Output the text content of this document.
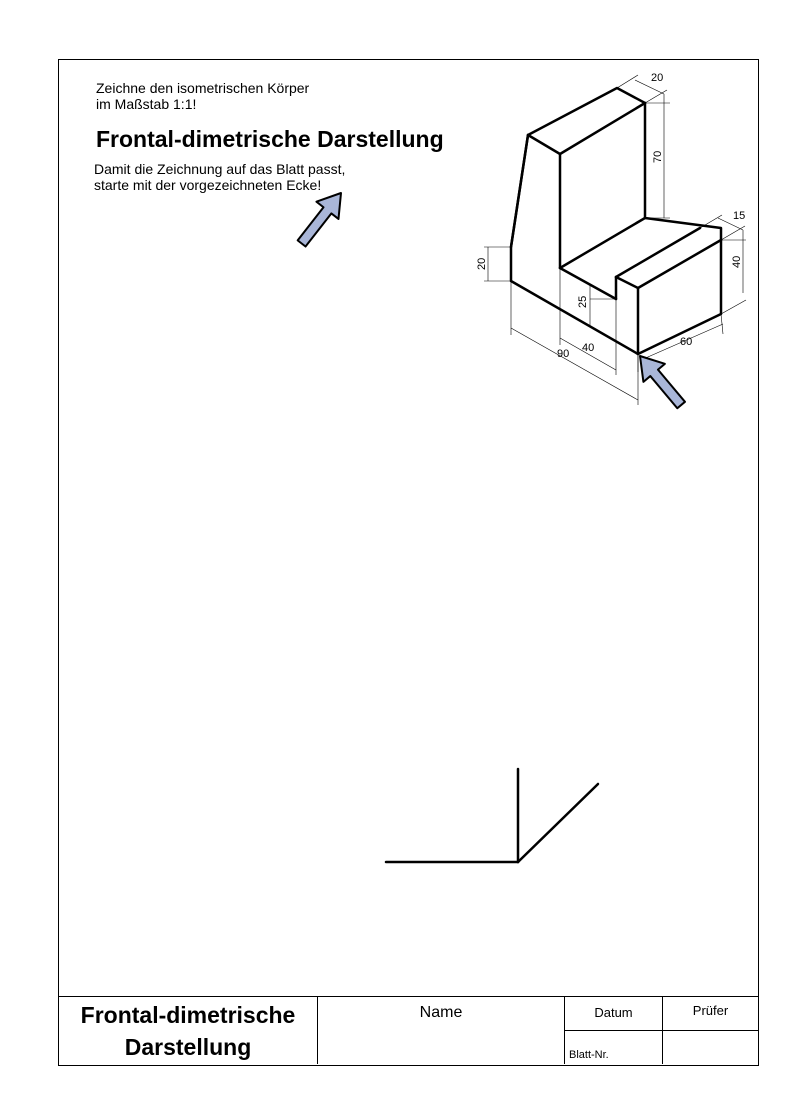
Zeichne den isometrischen Körper
im Maßstab 1:1!

Frontal-dimetrische Darstellung

Damit die Zeichnung auf das Blatt passt,
starte mit der vorgezeichneten Ecke!

Frontal-dimetrische
Darstellung
Name	Datum	Prüfer
Blatt-Nr.
20
70
15
40
20
25
40
90
60
